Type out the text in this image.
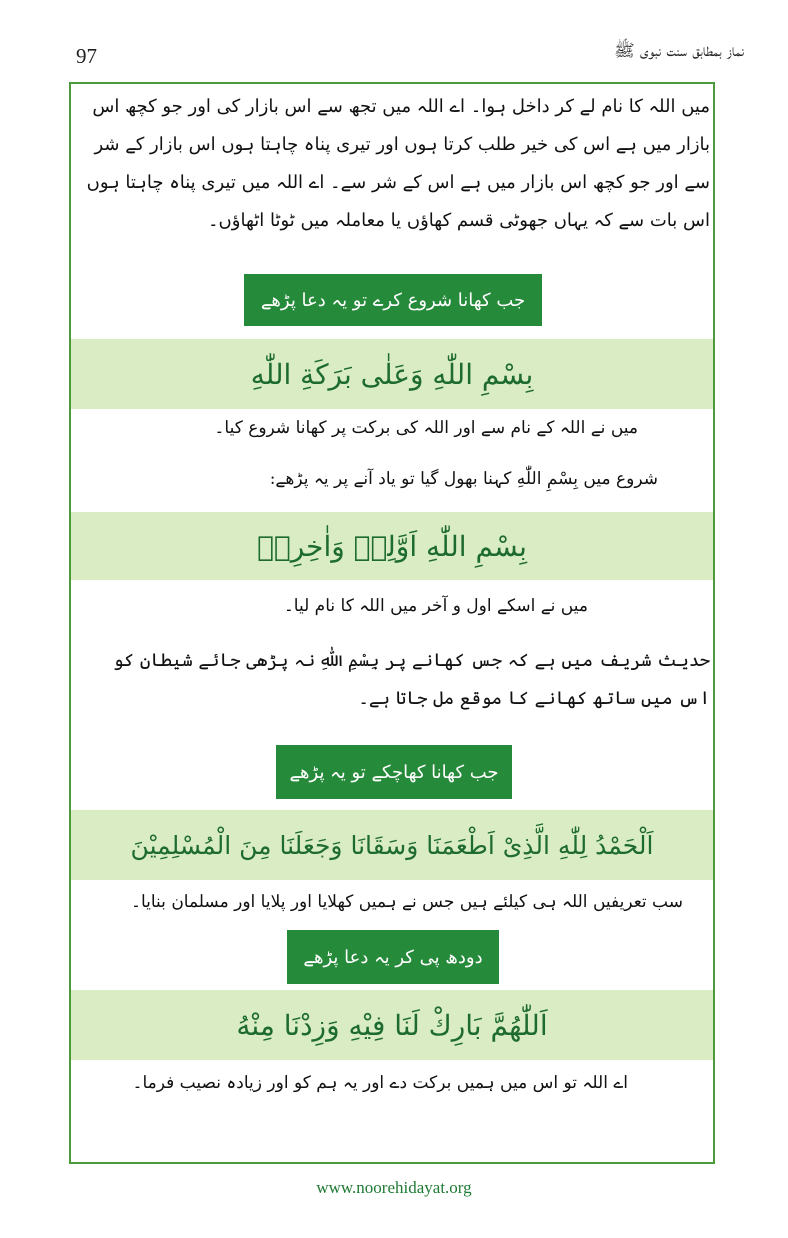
97	نماز بمطابق سنت نبوی ﷺ

میں اللہ کا نام لے کر داخل ہوا۔ اے اللہ میں تجھ سے اس بازار کی اور جو کچھ اس بازار میں ہے اس کی خیر طلب کرتا ہوں اور تیری پناہ چاہتا ہوں اس بازار کے شر سے اور جو کچھ اس بازار میں ہے اس کے شر سے۔ اے اللہ میں تیری پناہ چاہتا ہوں اس بات سے کہ یہاں جھوٹی قسم کھاؤں یا معاملہ میں ٹوٹا اٹھاؤں۔

جب کھانا شروع کرے تو یہ دعا پڑھے
بِسْمِ اللّٰهِ وَعَلٰى بَرَكَةِ اللّٰهِ
میں نے اللہ کے نام سے اور اللہ کی برکت پر کھانا شروع کیا۔
شروع میں بِسْمِ اللّٰهِ کہنا بھول گیا تو یاد آنے پر یہ پڑھے:
بِسْمِ اللّٰهِ اَوَّلِهٖ وَاٰخِرِهٖ
میں نے اسکے اول و آخر میں اللہ کا نام لیا۔

حدیث شریف میں ہے کہ جس کھانے پر بِسْمِ اللّٰهِ نہ پڑھی جائے شیطان کو اس میں ساتھ کھانے کا موقع مل جاتا ہے۔

جب کھانا کھاچکے تو یہ پڑھے
اَلْحَمْدُ لِلّٰهِ الَّذِیْ اَطْعَمَنَا وَسَقَانَا وَجَعَلَنَا مِنَ الْمُسْلِمِیْنَ
سب تعریفیں اللہ ہی کیلئے ہیں جس نے ہمیں کھلایا اور پلایا اور مسلمان بنایا۔
دودھ پی کر یہ دعا پڑھے
اَللّٰهُمَّ بَارِكْ لَنَا فِيْهِ وَزِدْنَا مِنْهُ
اے اللہ تو اس میں ہمیں برکت دے اور یہ ہم کو اور زیادہ نصیب فرما۔
www.noorehidayat.org
